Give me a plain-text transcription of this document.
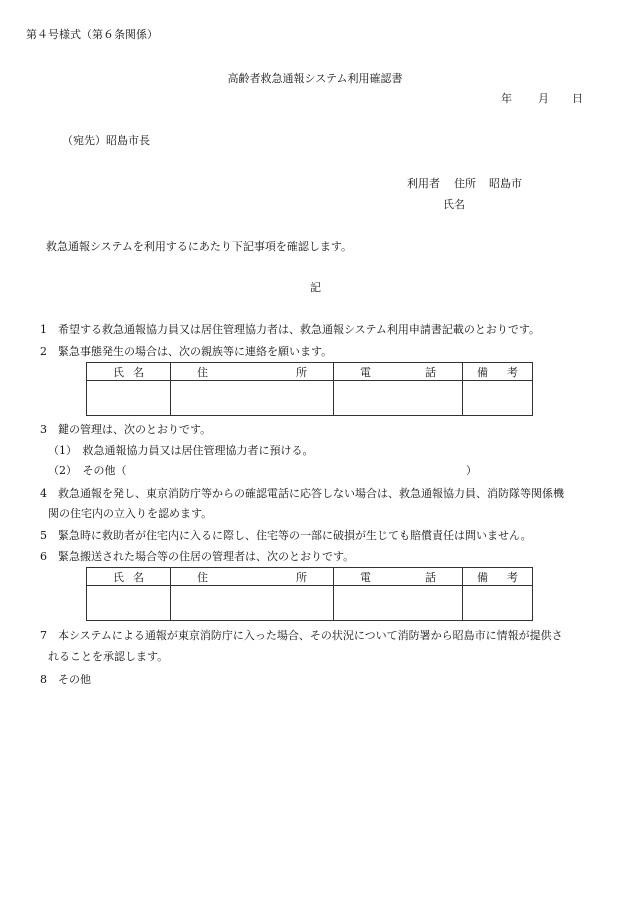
第４号様式（第６条関係）
高齢者救急通報システム利用確認書
年 月 日
（宛先）昭島市長
利用者 住所 昭島市
氏名
救急通報システムを利用するにあたり下記事項を確認します。
記
1　希望する救急通報協力員又は居住管理協力者は、救急通報システム利用申請書記載のとおりです。
2　緊急事態発生の場合は、次の親族等に連絡を願います。
氏 名	住 所	電 話	備 考

3　鍵の管理は、次のとおりです。
（1）　救急通報協力員又は居住管理協力者に預ける。
（2）　その他（	）
4　救急通報を発し、東京消防庁等からの確認電話に応答しない場合は、救急通報協力員、消防隊等関係機
関の住宅内の立入りを認めます。
5　緊急時に救助者が住宅内に入るに際し、住宅等の一部に破損が生じても賠償責任は問いません。
6　緊急搬送された場合等の住居の管理者は、次のとおりです。
氏 名	住 所	電 話	備 考

7　本システムによる通報が東京消防庁に入った場合、その状況について消防署から昭島市に情報が提供さ
れることを承認します。
8　その他
